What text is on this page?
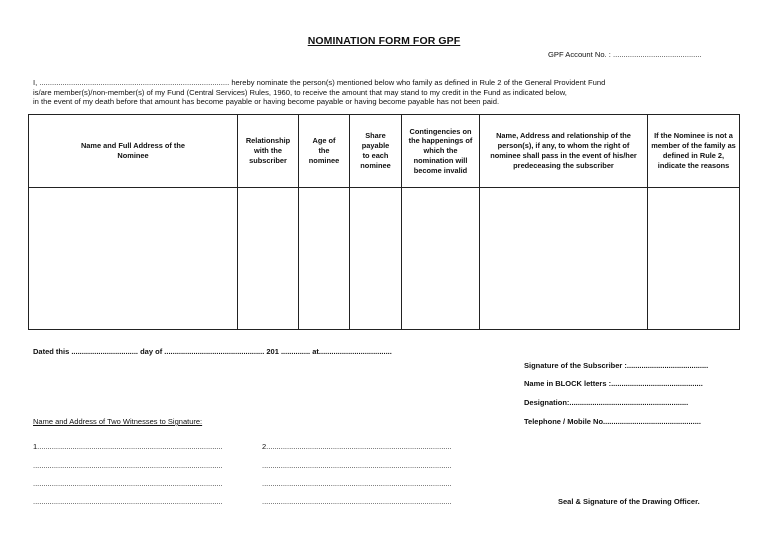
NOMINATION FORM FOR GPF
GPF Account No. : ..........................................
I, .......................................................................................... hereby nominate the person(s) mentioned below who family as defined in Rule 2 of the General Provident Fund
is/are member(s)/non-member(s) of my Fund (Central Services) Rules, 1960, to receive the amount that may stand to my credit in the Fund as indicated below,
in the event of my death before that amount has become payable or having become payable or having become payable has not been paid.
Name and Full Address of the Nominee	Relationship with the subscriber	Age of the nominee	Share payable to each nominee	Contingencies on the happenings of which the nomination will become invalid	Name, Address and relationship of the person(s), if any, to whom the right of nominee shall pass in the event of his/her predeceasing the subscriber	If the Nominee is not a member of the family as defined in Rule 2, indicate the reasons

Dated this ................................ day of ................................................ 201 .............. at...................................
Signature of the Subscriber :.......................................
Name in BLOCK letters :............................................
Designation:.........................................................
Telephone / Mobile No...............................................
Name and Address of Two Witnesses to Signature:
1.........................................................................................
...........................................................................................
...........................................................................................
...........................................................................................
2.........................................................................................
...........................................................................................
...........................................................................................
...........................................................................................	Seal & Signature of the Drawing Officer.
